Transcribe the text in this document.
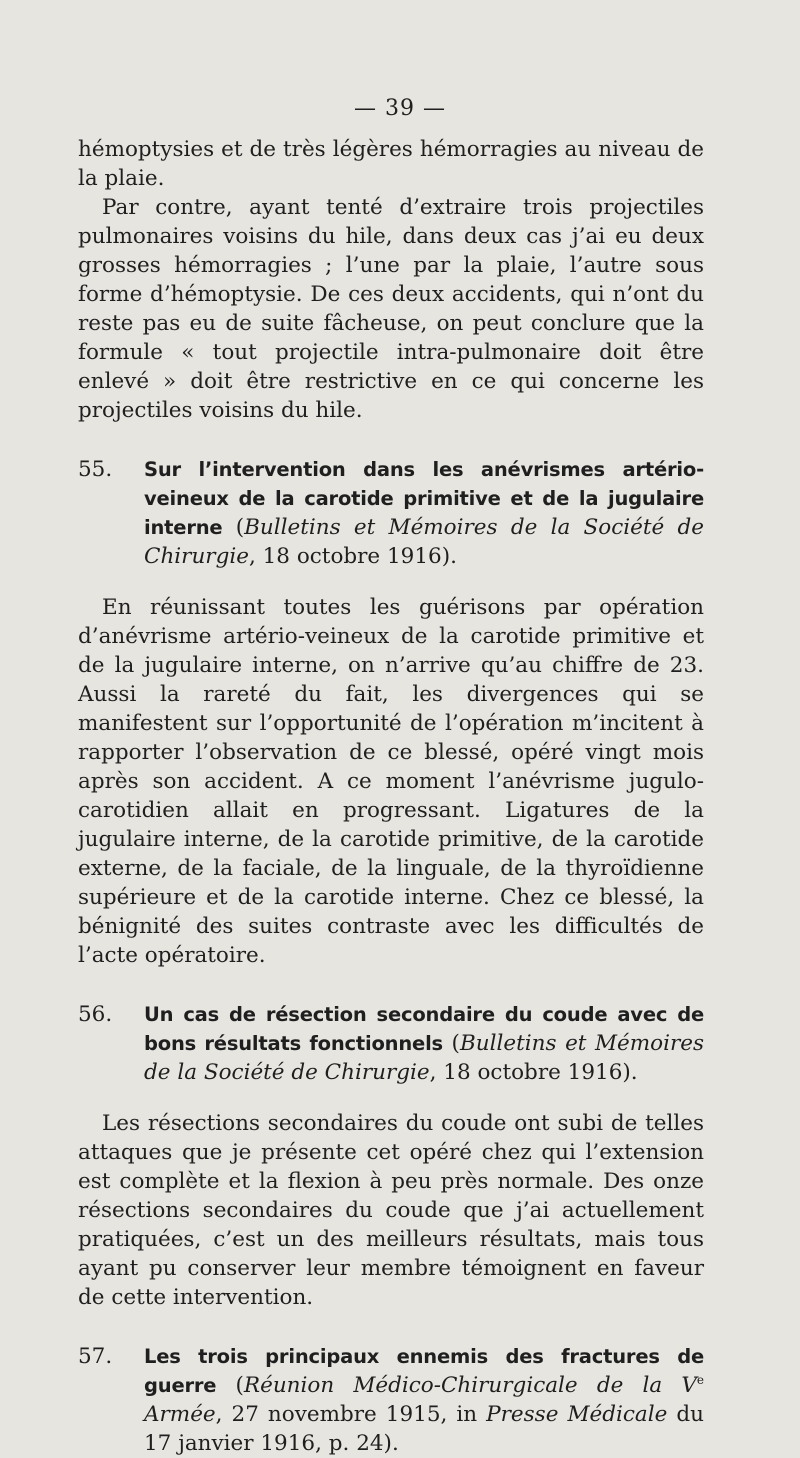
— 39 —

hémoptysies et de très légères hémorragies au niveau de la plaie.

Par contre, ayant tenté d’extraire trois projectiles pulmonaires voisins du hile, dans deux cas j’ai eu deux grosses hémorragies ; l’une par la plaie, l’autre sous forme d’hémoptysie. De ces deux accidents, qui n’ont du reste pas eu de suite fâcheuse, on peut conclure que la formule « tout projectile intra-pulmonaire doit être enlevé » doit être restrictive en ce qui concerne les projectiles voisins du hile.

55. Sur l’intervention dans les anévrismes artério-veineux de la carotide primitive et de la jugulaire interne (Bulletins et Mémoires de la Société de Chirurgie, 18 octobre 1916).

En réunissant toutes les guérisons par opération d’anévrisme artério-veineux de la carotide primitive et de la jugulaire interne, on n’arrive qu’au chiffre de 23. Aussi la rareté du fait, les divergences qui se manifestent sur l’opportunité de l’opération m’incitent à rapporter l’observation de ce blessé, opéré vingt mois après son accident. A ce moment l’anévrisme jugulo-carotidien allait en progressant. Ligatures de la jugulaire interne, de la carotide primitive, de la carotide externe, de la faciale, de la linguale, de la thyroïdienne supérieure et de la carotide interne. Chez ce blessé, la bénignité des suites contraste avec les difficultés de l’acte opératoire.

56. Un cas de résection secondaire du coude avec de bons résultats fonctionnels (Bulletins et Mémoires de la Société de Chirurgie, 18 octobre 1916).

Les résections secondaires du coude ont subi de telles attaques que je présente cet opéré chez qui l’extension est complète et la flexion à peu près normale. Des onze résections secondaires du coude que j’ai actuellement pratiquées, c’est un des meilleurs résultats, mais tous ayant pu conserver leur membre témoignent en faveur de cette intervention.

57. Les trois principaux ennemis des fractures de guerre (Réunion Médico-Chirurgicale de la Ve Armée, 27 novembre 1915, in Presse Médicale du 17 janvier 1916, p. 24).
